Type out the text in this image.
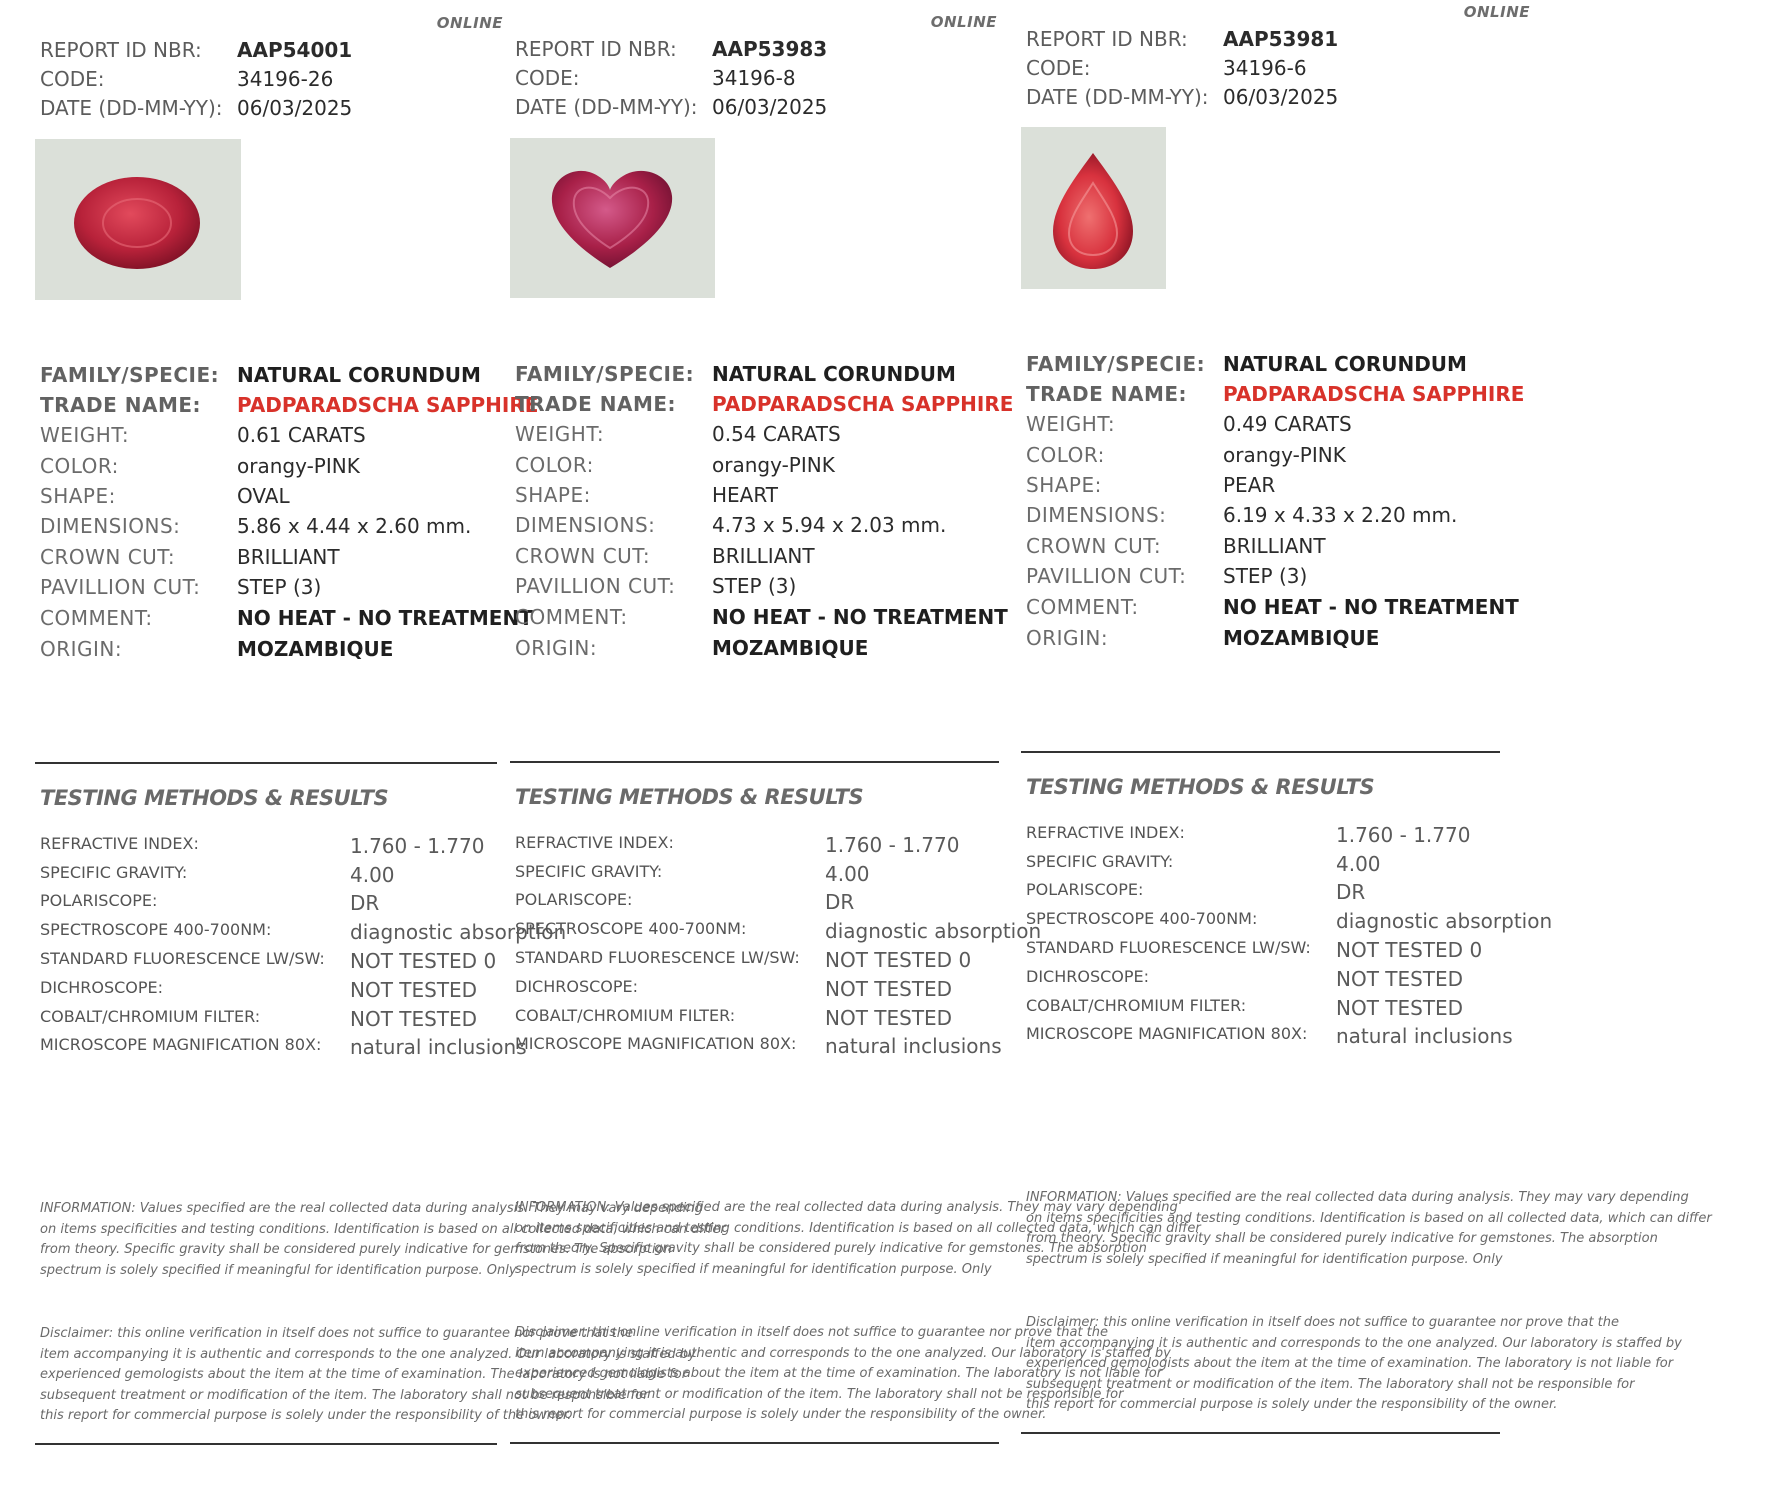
ONLINE
REPORT ID NBR: AAP54001
CODE:	34196-26
DATE (DD-MM-YY): 06/03/2025
FAMILY/SPECIE: NATURAL CORUNDUM
TRADE NAME: PADPARADSCHA SAPPHIRE
WEIGHT:	0.61 CARATS
COLOR:	orangy-PINK
SHAPE:	OVAL
DIMENSIONS:	5.86 x 4.44 x 2.60 mm.
CROWN CUT:	BRILLIANT
PAVILLION CUT: STEP (3)
COMMENT:	NO HEAT - NO TREATMENT
ORIGIN:	MOZAMBIQUE
TESTING METHODS & RESULTS
REFRACTIVE INDEX:	1.760 - 1.770
SPECIFIC GRAVITY:	4.00
POLARISCOPE:	DR
SPECTROSCOPE 400-700NM:	diagnostic absorption
STANDARD FLUORESCENCE LW/SW: NOT TESTED 0
DICHROSCOPE:	NOT TESTED
COBALT/CHROMIUM FILTER:	NOT TESTED
MICROSCOPE MAGNIFICATION 80X: natural inclusions

INFORMATION: Values specified are the real collected data during analysis. They may vary depending

on items specificities and testing conditions. Identification is based on all collected data, which can differ

from theory. Specific gravity shall be considered purely indicative for gemstones. The absorption

spectrum is solely specified if meaningful for identification purpose. Only

Disclaimer: this online verification in itself does not suffice to guarantee nor prove that the

item accompanying it is authentic and corresponds to the one analyzed. Our laboratory is staffed by

experienced gemologists about the item at the time of examination. The laboratory is not liable for

subsequent treatment or modification of the item. The laboratory shall not be responsible for

this report for commercial purpose is solely under the responsibility of the owner.

ONLINE
REPORT ID NBR: AAP53983
CODE:	34196-8
DATE (DD-MM-YY): 06/03/2025
FAMILY/SPECIE: NATURAL CORUNDUM
TRADE NAME: PADPARADSCHA SAPPHIRE
WEIGHT:	0.54 CARATS
COLOR:	orangy-PINK
SHAPE:	HEART
DIMENSIONS:	4.73 x 5.94 x 2.03 mm.
CROWN CUT:	BRILLIANT
PAVILLION CUT: STEP (3)
COMMENT:	NO HEAT - NO TREATMENT
ORIGIN:	MOZAMBIQUE
TESTING METHODS & RESULTS
REFRACTIVE INDEX:	1.760 - 1.770
SPECIFIC GRAVITY:	4.00
POLARISCOPE:	DR
SPECTROSCOPE 400-700NM:	diagnostic absorption
STANDARD FLUORESCENCE LW/SW: NOT TESTED 0
DICHROSCOPE:	NOT TESTED
COBALT/CHROMIUM FILTER:	NOT TESTED
MICROSCOPE MAGNIFICATION 80X: natural inclusions

INFORMATION: Values specified are the real collected data during analysis. They may vary depending

on items specificities and testing conditions. Identification is based on all collected data, which can differ

from theory. Specific gravity shall be considered purely indicative for gemstones. The absorption

spectrum is solely specified if meaningful for identification purpose. Only

Disclaimer: this online verification in itself does not suffice to guarantee nor prove that the

item accompanying it is authentic and corresponds to the one analyzed. Our laboratory is staffed by

experienced gemologists about the item at the time of examination. The laboratory is not liable for

subsequent treatment or modification of the item. The laboratory shall not be responsible for

this report for commercial purpose is solely under the responsibility of the owner.

ONLINE
REPORT ID NBR: AAP53981
CODE:	34196-6
DATE (DD-MM-YY): 06/03/2025
FAMILY/SPECIE: NATURAL CORUNDUM
TRADE NAME: PADPARADSCHA SAPPHIRE
WEIGHT:	0.49 CARATS
COLOR:	orangy-PINK
SHAPE:	PEAR
DIMENSIONS:	6.19 x 4.33 x 2.20 mm.
CROWN CUT:	BRILLIANT
PAVILLION CUT: STEP (3)
COMMENT:	NO HEAT - NO TREATMENT
ORIGIN:	MOZAMBIQUE
TESTING METHODS & RESULTS
REFRACTIVE INDEX:	1.760 - 1.770
SPECIFIC GRAVITY:	4.00
POLARISCOPE:	DR
SPECTROSCOPE 400-700NM:	diagnostic absorption
STANDARD FLUORESCENCE LW/SW: NOT TESTED 0
DICHROSCOPE:	NOT TESTED
COBALT/CHROMIUM FILTER:	NOT TESTED
MICROSCOPE MAGNIFICATION 80X: natural inclusions

INFORMATION: Values specified are the real collected data during analysis. They may vary depending

on items specificities and testing conditions. Identification is based on all collected data, which can differ

from theory. Specific gravity shall be considered purely indicative for gemstones. The absorption

spectrum is solely specified if meaningful for identification purpose. Only

Disclaimer: this online verification in itself does not suffice to guarantee nor prove that the

item accompanying it is authentic and corresponds to the one analyzed. Our laboratory is staffed by

experienced gemologists about the item at the time of examination. The laboratory is not liable for

subsequent treatment or modification of the item. The laboratory shall not be responsible for

this report for commercial purpose is solely under the responsibility of the owner.
